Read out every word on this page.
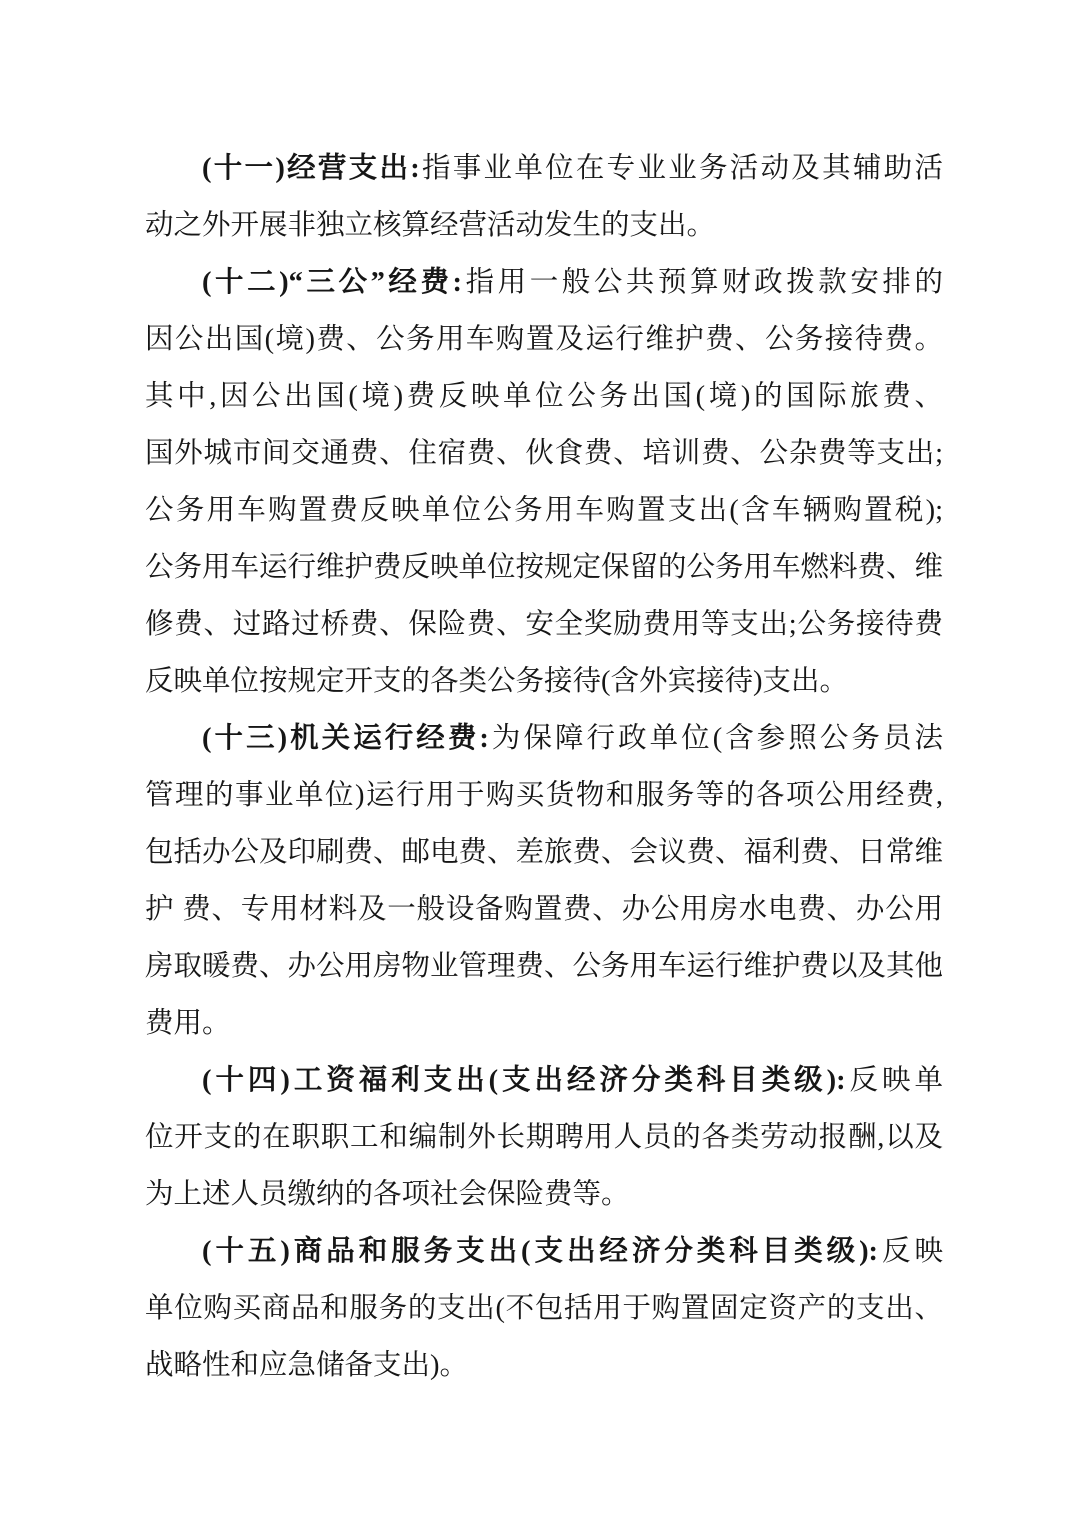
(十一)经营支出:指事业单位在专业业务活动及其辅助活
动之外开展非独立核算经营活动发生的支出。
(十二)“三公”经费:指用一般公共预算财政拨款安排的
因公出国(境)费、公务用车购置及运行维护费、公务接待费。
其中,因公出国(境)费反映单位公务出国(境)的国际旅费、
国外城市间交通费、住宿费、伙食费、培训费、公杂费等支出;
公务用车购置费反映单位公务用车购置支出(含车辆购置税);
公务用车运行维护费反映单位按规定保留的公务用车燃料费、维
修费、过路过桥费、保险费、安全奖励费用等支出;公务接待费
反映单位按规定开支的各类公务接待(含外宾接待)支出。
(十三)机关运行经费:为保障行政单位(含参照公务员法
管理的事业单位)运行用于购买货物和服务等的各项公用经费,
包括办公及印刷费、邮电费、差旅费、会议费、福利费、日常维
护 费、专用材料及一般设备购置费、办公用房水电费、办公用
房取暖费、办公用房物业管理费、公务用车运行维护费以及其他
费用。
(十四)工资福利支出(支出经济分类科目类级):反映单
位开支的在职职工和编制外长期聘用人员的各类劳动报酬,以及
为上述人员缴纳的各项社会保险费等。
(十五)商品和服务支出(支出经济分类科目类级):反映
单位购买商品和服务的支出(不包括用于购置固定资产的支出、
战略性和应急储备支出)。
